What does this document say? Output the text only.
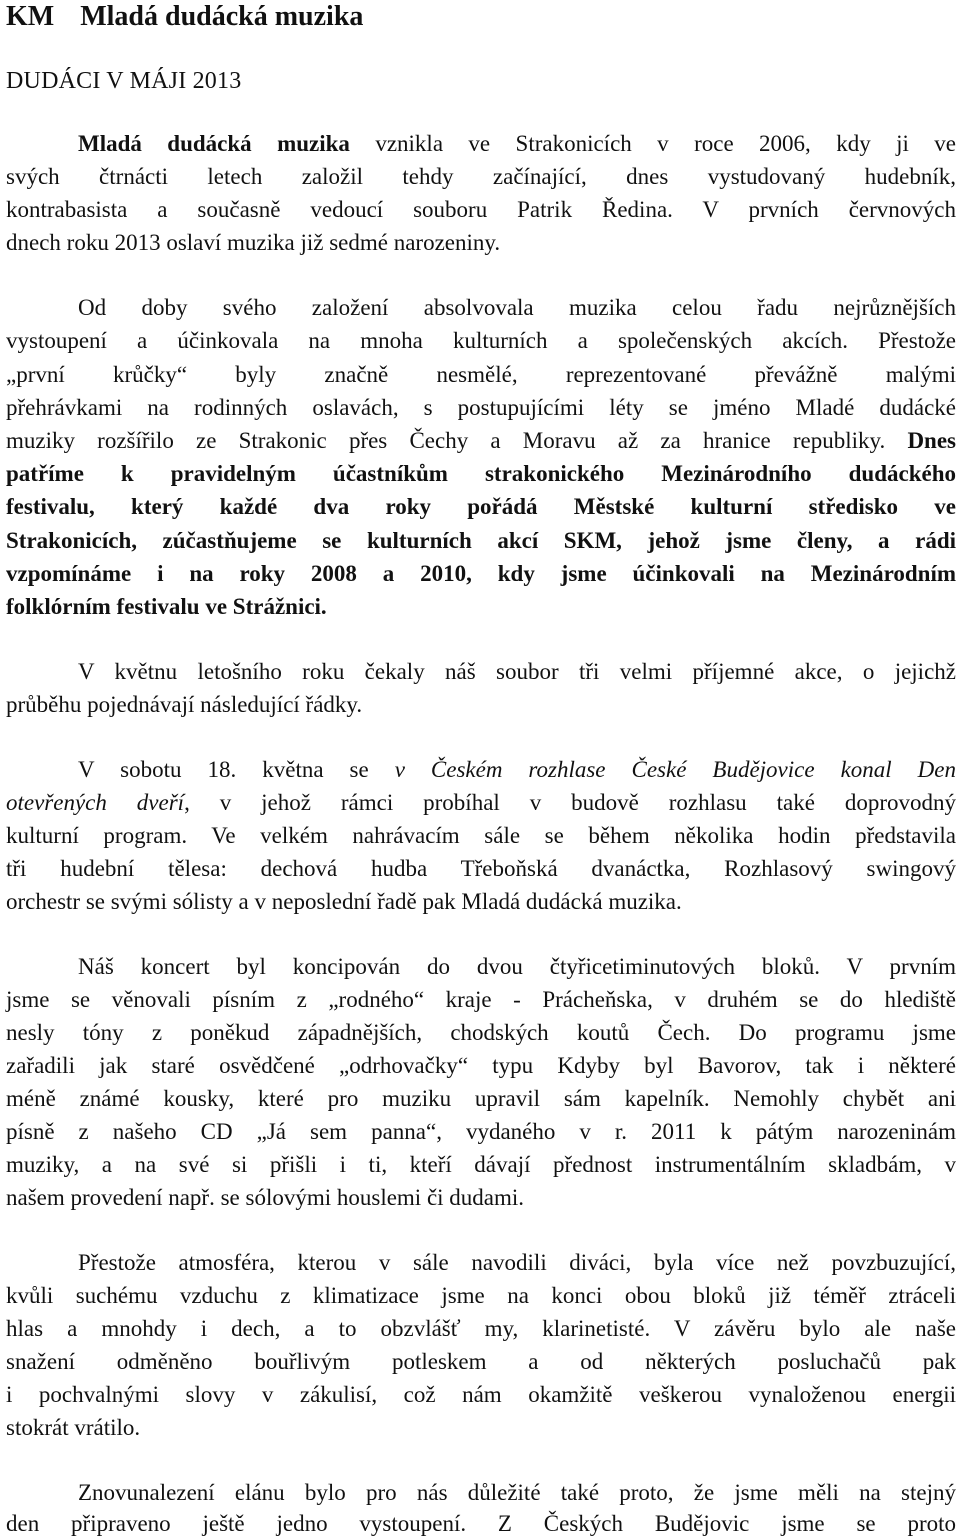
KM Mladá dudácká muzika
DUDÁCI V MÁJI 2013
Mladá dudácká muzika vznikla ve Strakonicích v roce 2006, kdy ji ve
svých čtrnácti letech založil tehdy začínající, dnes vystudovaný hudebník,
kontrabasista a současně vedoucí souboru Patrik Ředina. V prvních červnových
dnech roku 2013 oslaví muzika již sedmé narozeniny.
Od doby svého založení absolvovala muzika celou řadu nejrůznějších
vystoupení a účinkovala na mnoha kulturních a společenských akcích. Přestože
„první krůčky“ byly značně nesmělé, reprezentované převážně malými
přehrávkami na rodinných oslavách, s postupujícími léty se jméno Mladé dudácké
muziky rozšířilo ze Strakonic přes Čechy a Moravu až za hranice republiky. Dnes
patříme k pravidelným účastníkům strakonického Mezinárodního dudáckého
festivalu, který každé dva roky pořádá Městské kulturní středisko ve
Strakonicích, zúčastňujeme se kulturních akcí SKM, jehož jsme členy, a rádi
vzpomínáme i na roky 2008 a 2010, kdy jsme účinkovali na Mezinárodním
folklórním festivalu ve Strážnici.
V květnu letošního roku čekaly náš soubor tři velmi příjemné akce, o jejichž
průběhu pojednávají následující řádky.
V sobotu 18. května se v Českém rozhlase České Budějovice konal Den
otevřených dveří, v jehož rámci probíhal v budově rozhlasu také doprovodný
kulturní program. Ve velkém nahrávacím sále se během několika hodin představila
tři hudební tělesa: dechová hudba Třeboňská dvanáctka, Rozhlasový swingový
orchestr se svými sólisty a v neposlední řadě pak Mladá dudácká muzika.
Náš koncert byl koncipován do dvou čtyřicetiminutových bloků. V prvním
jsme se věnovali písním z „rodného“ kraje - Prácheňska, v druhém se do hlediště
nesly tóny z poněkud západnějších, chodských koutů Čech. Do programu jsme
zařadili jak staré osvědčené „odrhovačky“ typu Kdyby byl Bavorov, tak i některé
méně známé kousky, které pro muziku upravil sám kapelník. Nemohly chybět ani
písně z našeho CD „Já sem panna“, vydaného v r. 2011 k pátým narozeninám
muziky, a na své si přišli i ti, kteří dávají přednost instrumentálním skladbám, v
našem provedení např. se sólovými houslemi či dudami.
Přestože atmosféra, kterou v sále navodili diváci, byla více než povzbuzující,
kvůli suchému vzduchu z klimatizace jsme na konci obou bloků již téměř ztráceli
hlas a mnohdy i dech, a to obzvlášť my, klarinetisté. V závěru bylo ale naše
snažení odměněno bouřlivým potleskem a od některých posluchačů pak
i pochvalnými slovy v zákulisí, což nám okamžitě veškerou vynaloženou energii
stokrát vrátilo.
Znovunalezení elánu bylo pro nás důležité také proto, že jsme měli na stejný
den připraveno ještě jedno vystoupení. Z Českých Budějovic jsme se proto
